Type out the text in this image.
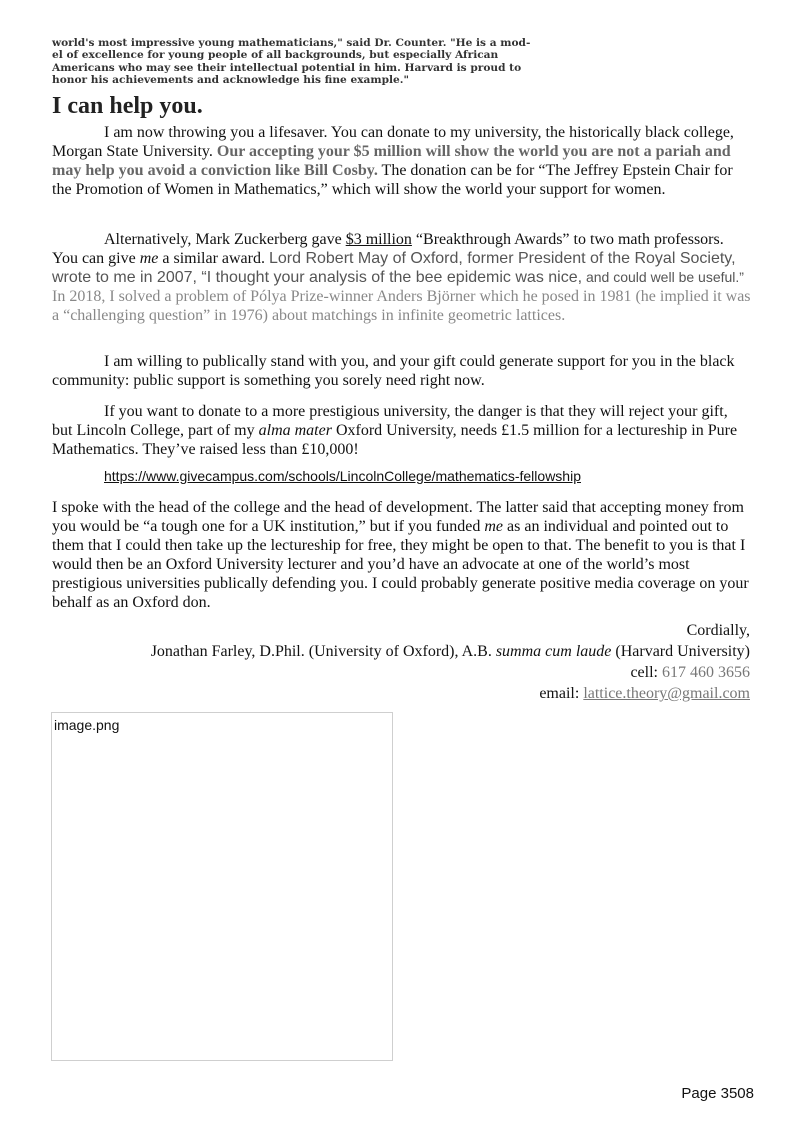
world's most impressive young mathematicians," said Dr. Counter. "He is a mod-
el of excellence for young people of all backgrounds, but especially African
Americans who may see their intellectual potential in him. Harvard is proud to
honor his achievements and acknowledge his fine example."
I can help you.

I am now throwing you a lifesaver. You can donate to my university, the historically black college, Morgan State University. Our accepting your $5 million will show the world you are not a pariah and may help you avoid a conviction like Bill Cosby. The donation can be for “The Jeffrey Epstein Chair for the Promotion of Women in Mathematics,” which will show the world your support for women.

Alternatively, Mark Zuckerberg gave $3 million “Breakthrough Awards” to two math professors. You can give me a similar award. Lord Robert May of Oxford, former President of the Royal Society, wrote to me in 2007, “I thought your analysis of the bee epidemic was nice, and could well be useful.” In 2018, I solved a problem of Pólya Prize-winner Anders Björner which he posed in 1981 (he implied it was a “challenging question” in 1976) about matchings in infinite geometric lattices.

I am willing to publically stand with you, and your gift could generate support for you in the black community: public support is something you sorely need right now.

If you want to donate to a more prestigious university, the danger is that they will reject your gift, but Lincoln College, part of my alma mater Oxford University, needs £1.5 million for a lectureship in Pure Mathematics. They’ve raised less than £10,000!

https://www.givecampus.com/schools/LincolnCollege/mathematics-fellowship

I spoke with the head of the college and the head of development. The latter said that accepting money from you would be “a tough one for a UK institution,” but if you funded me as an individual and pointed out to them that I could then take up the lectureship for free, they might be open to that. The benefit to you is that I would then be an Oxford University lecturer and you’d have an advocate at one of the world’s most prestigious universities publically defending you. I could probably generate positive media coverage on your behalf as an Oxford don.

Cordially,
Jonathan Farley, D.Phil. (University of Oxford), A.B. summa cum laude (Harvard University)
cell: 617 460 3656
email: lattice.theory@gmail.com
image.png
Page 3508
